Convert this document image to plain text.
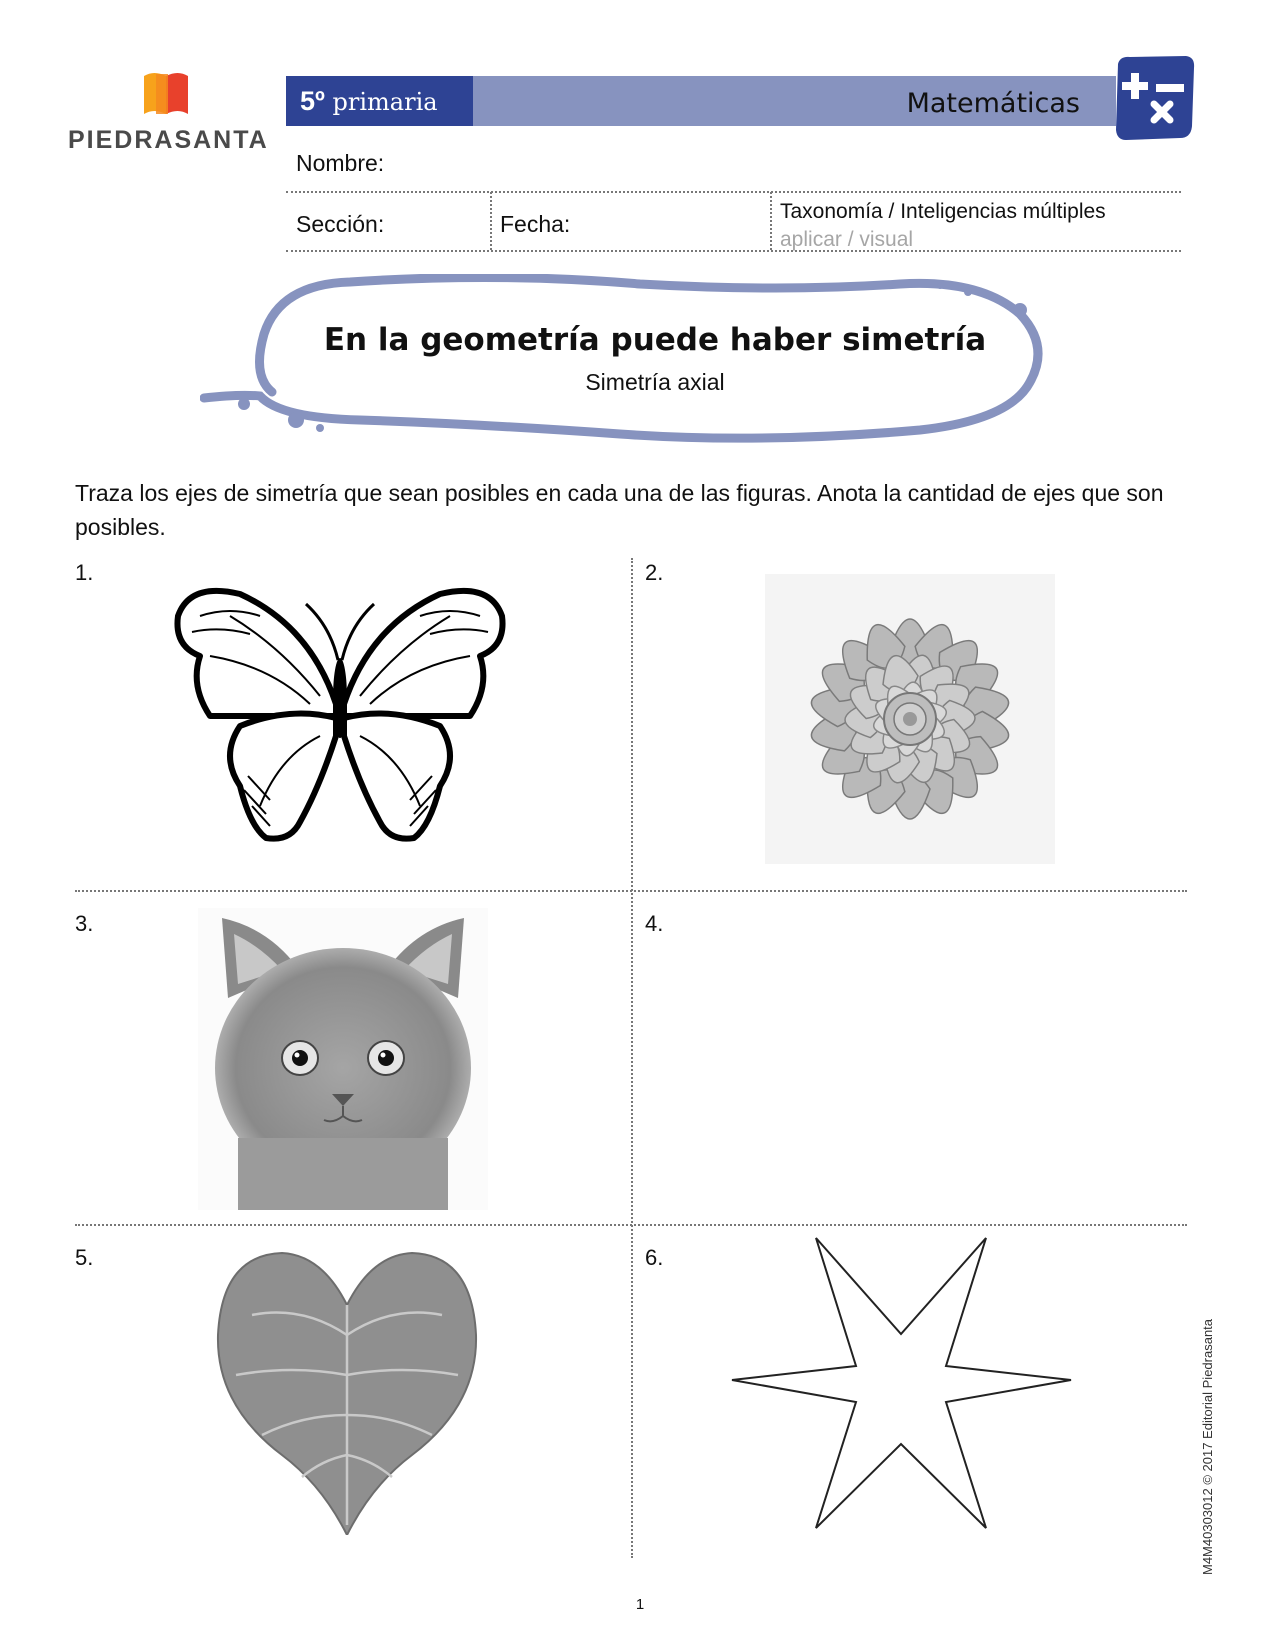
PIEDRASANTA
5º primaria	Matemáticas
Nombre:
Sección:	Fecha:	Taxonomía / Inteligencias múltiples
aplicar / visual
En la geometría puede haber simetría
Simetría axial
Traza los ejes de simetría que sean posibles en cada una de las figuras. Anota la cantidad de ejes que son posibles.
1.	2.
3.	4.
5.	6.
M4M40303012 © 2017 Editorial Piedrasanta
1
